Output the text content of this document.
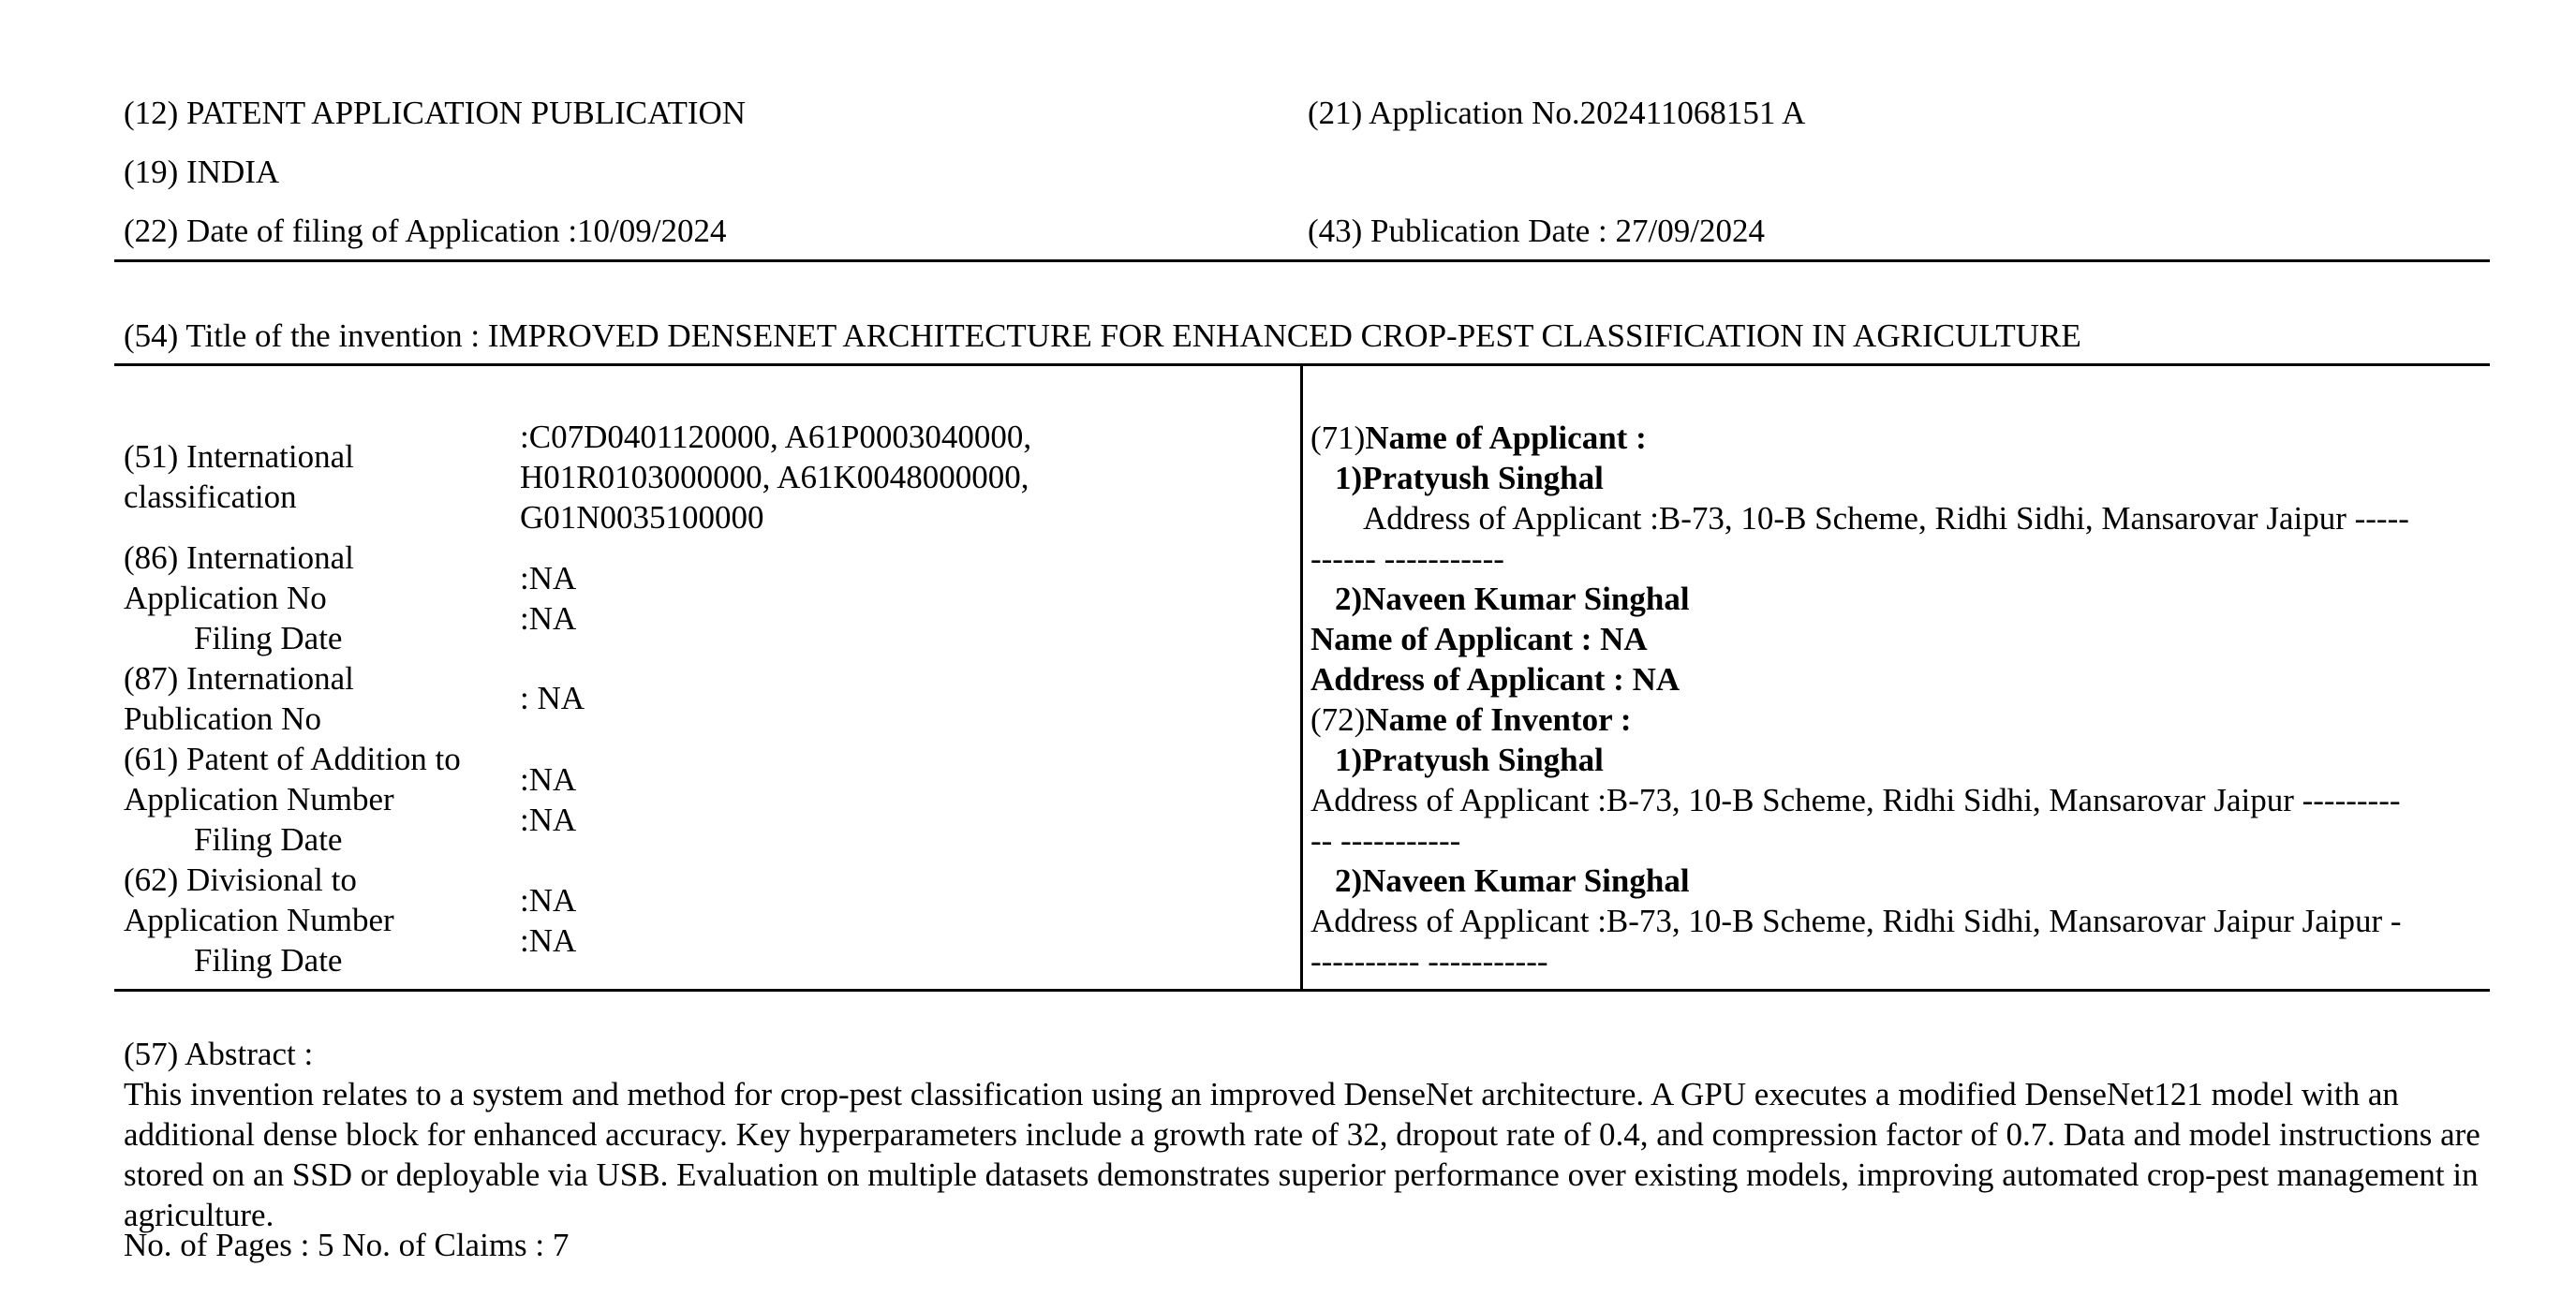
(12) PATENT APPLICATION PUBLICATION	(21) Application No.202411068151 A
(19) INDIA
(22) Date of filing of Application :10/09/2024	(43) Publication Date : 27/09/2024
(54) Title of the invention : IMPROVED DENSENET ARCHITECTURE FOR ENHANCED CROP-PEST CLASSIFICATION IN AGRICULTURE
(51) International
classification
:C07D0401120000, A61P0003040000,
H01R0103000000, A61K0048000000,
G01N0035100000
(86) International
Application No
Filing Date
:NA
:NA
(87) International
Publication No
: NA
(61) Patent of Addition to
Application Number
Filing Date
:NA
:NA
(62) Divisional to
Application Number
Filing Date
:NA
:NA
(71)Name of Applicant :
1)Pratyush Singhal
Address of Applicant :B-73, 10-B Scheme, Ridhi Sidhi, Mansarovar Jaipur -----
------ -----------
2)Naveen Kumar Singhal
Name of Applicant : NA
Address of Applicant : NA
(72)Name of Inventor :
1)Pratyush Singhal
Address of Applicant :B-73, 10-B Scheme, Ridhi Sidhi, Mansarovar Jaipur ---------
-- -----------
2)Naveen Kumar Singhal
Address of Applicant :B-73, 10-B Scheme, Ridhi Sidhi, Mansarovar Jaipur Jaipur -
---------- -----------
(57) Abstract :

This invention relates to a system and method for crop-pest classification using an improved DenseNet architecture. A GPU executes a modified DenseNet121 model with an additional dense block for enhanced accuracy. Key hyperparameters include a growth rate of 32, dropout rate of 0.4, and compression factor of 0.7. Data and model instructions are stored on an SSD or deployable via USB. Evaluation on multiple datasets demonstrates superior performance over existing models, improving automated crop-pest management in agriculture.

No. of Pages : 5 No. of Claims : 7
